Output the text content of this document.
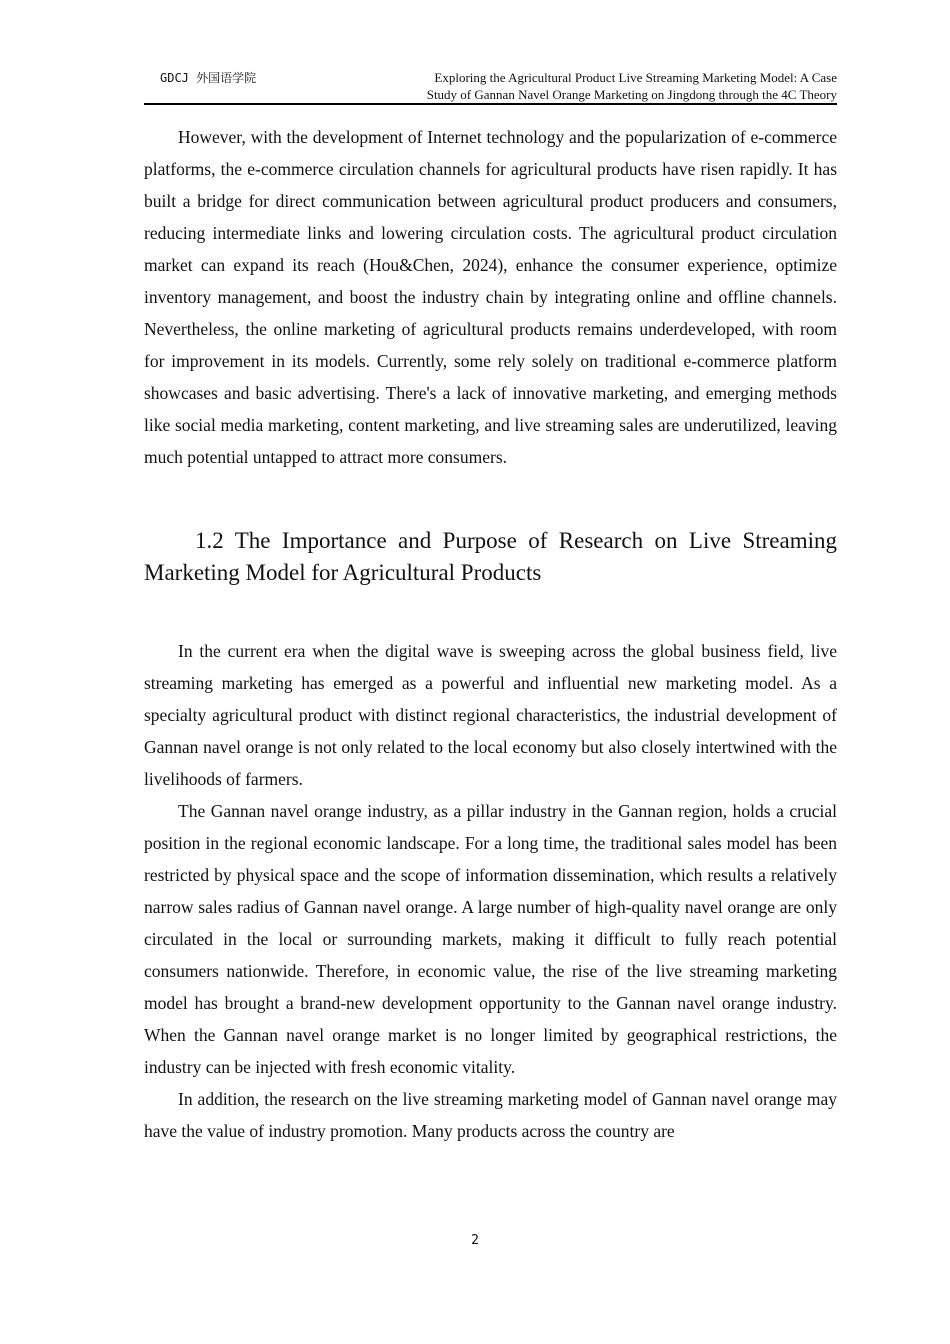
GDCJ 外国语学院	Exploring the Agricultural Product Live Streaming Marketing Model: A Case
Study of Gannan Navel Orange Marketing on Jingdong through the 4C Theory

However, with the development of Internet technology and the popularization of e-commerce platforms, the e-commerce circulation channels for agricultural products have risen rapidly. It has built a bridge for direct communication between agricultural product producers and consumers, reducing intermediate links and lowering circulation costs. The agricultural product circulation market can expand its reach (Hou&Chen, 2024), enhance the consumer experience, optimize inventory management, and boost the industry chain by integrating online and offline channels. Nevertheless, the online marketing of agricultural products remains underdeveloped, with room for improvement in its models. Currently, some rely solely on traditional e-commerce platform showcases and basic advertising. There's a lack of innovative marketing, and emerging methods like social media marketing, content marketing, and live streaming sales are underutilized, leaving much potential untapped to attract more consumers.

1.2 The Importance and Purpose of Research on Live Streaming Marketing Model for Agricultural Products

In the current era when the digital wave is sweeping across the global business field, live streaming marketing has emerged as a powerful and influential new marketing model. As a specialty agricultural product with distinct regional characteristics, the industrial development of Gannan navel orange is not only related to the local economy but also closely intertwined with the livelihoods of farmers.

The Gannan navel orange industry, as a pillar industry in the Gannan region, holds a crucial position in the regional economic landscape. For a long time, the traditional sales model has been restricted by physical space and the scope of information dissemination, which results a relatively narrow sales radius of Gannan navel orange. A large number of high-quality navel orange are only circulated in the local or surrounding markets, making it difficult to fully reach potential consumers nationwide. Therefore, in economic value, the rise of the live streaming marketing model has brought a brand-new development opportunity to the Gannan navel orange industry. When the Gannan navel orange market is no longer limited by geographical restrictions, the industry can be injected with fresh economic vitality.

In addition, the research on the live streaming marketing model of Gannan navel orange may have the value of industry promotion. Many products across the country are

2
